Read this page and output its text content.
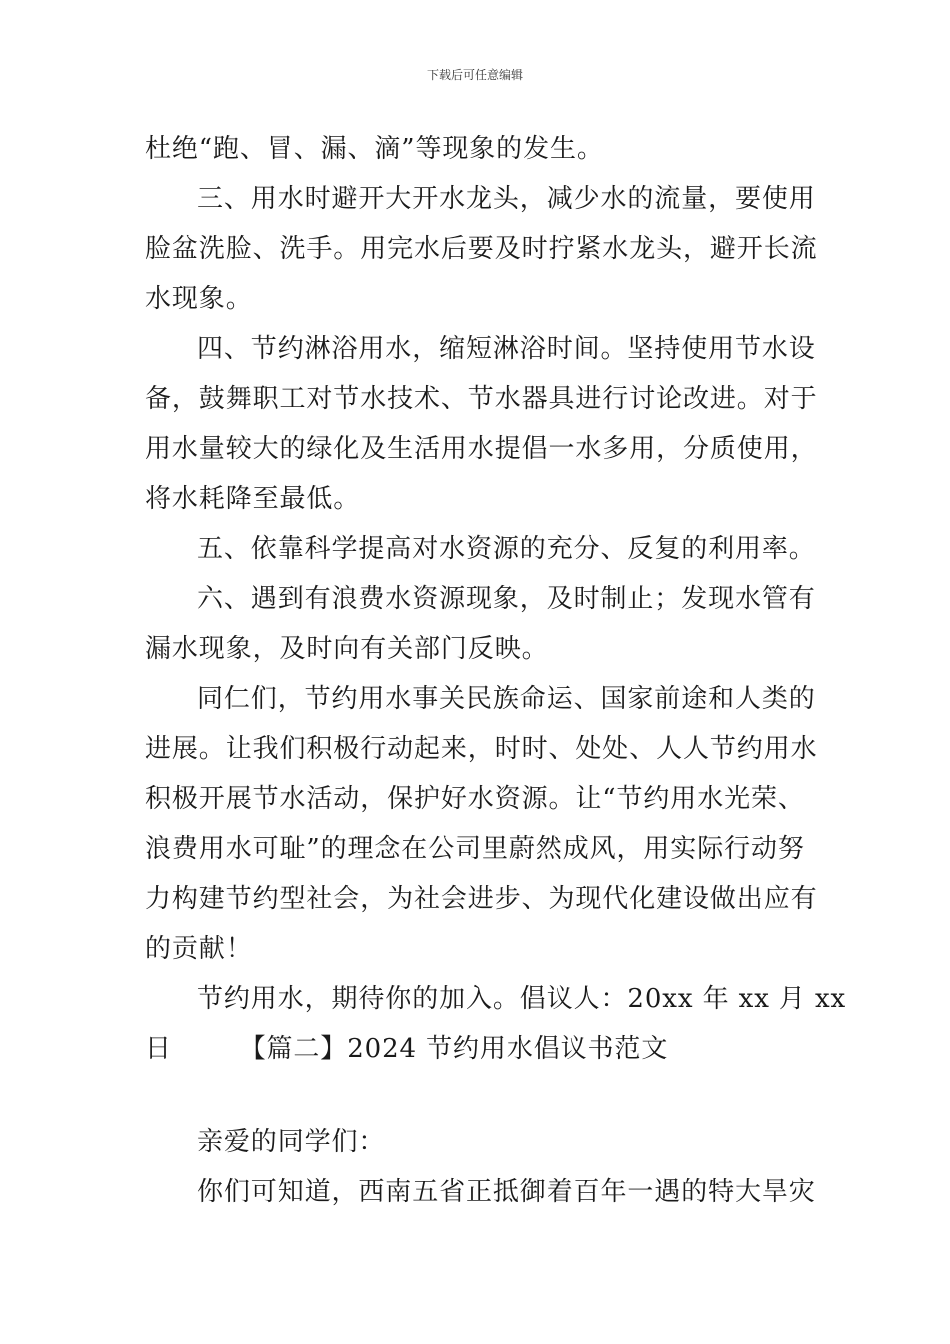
下载后可任意编辑
杜绝“跑、冒、漏、滴”等现象的发生。
三、用水时避开大开水龙头，减少水的流量，要使用
脸盆洗脸、洗手。用完水后要及时拧紧水龙头，避开长流
水现象。
四、节约淋浴用水，缩短淋浴时间。坚持使用节水设
备，鼓舞职工对节水技术、节水器具进行讨论改进。对于
用水量较大的绿化及生活用水提倡一水多用，分质使用，
将水耗降至最低。
五、依靠科学提高对水资源的充分、反复的利用率。
六、遇到有浪费水资源现象，及时制止；发现水管有
漏水现象，及时向有关部门反映。
同仁们，节约用水事关民族命运、国家前途和人类的
进展。让我们积极行动起来，时时、处处、人人节约用水
积极开展节水活动，保护好水资源。让“节约用水光荣、
浪费用水可耻”的理念在公司里蔚然成风，用实际行动努
力构建节约型社会，为社会进步、为现代化建设做出应有
的贡献！
节约用水，期待你的加入。倡议人：20xx 年 xx 月 xx
日　　　【篇二】2024 节约用水倡议书范文
亲爱的同学们：
你们可知道，西南五省正抵御着百年一遇的特大旱灾
